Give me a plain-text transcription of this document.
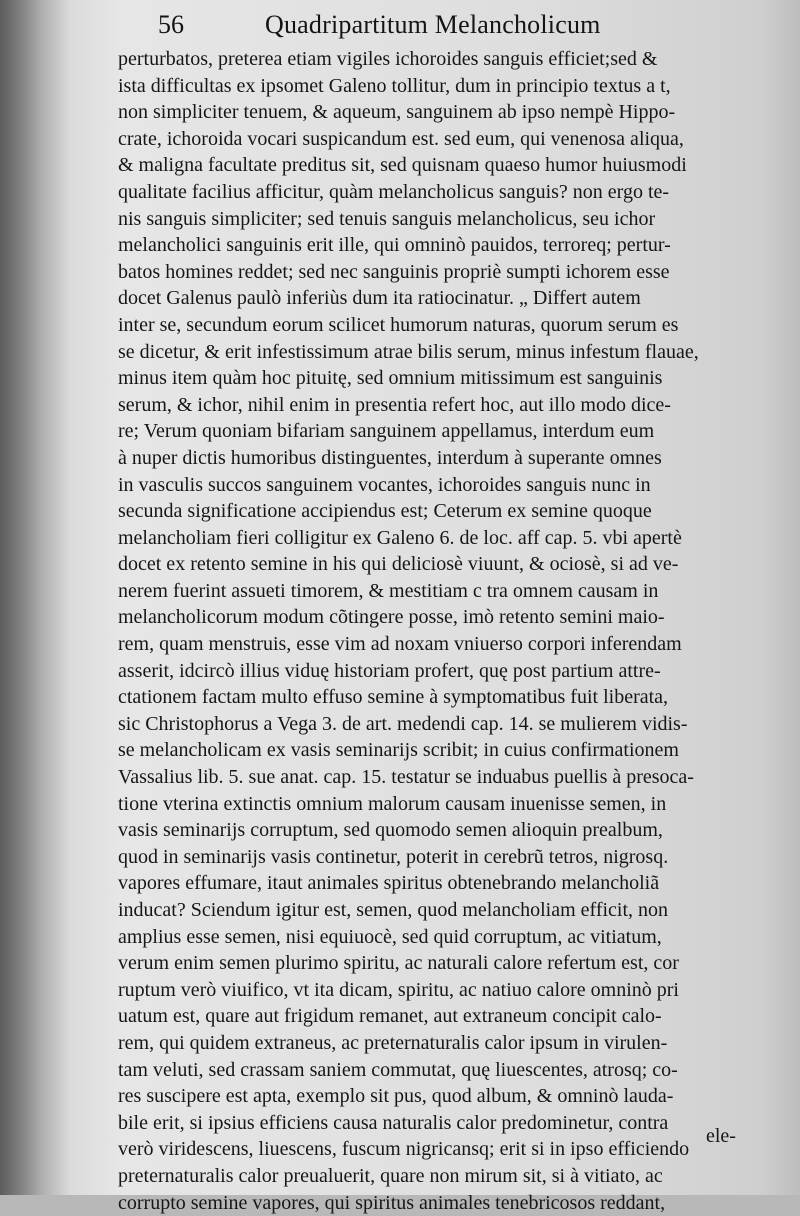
56	Quadripartitum Melancholicum
perturbatos, preterea etiam vigiles ichoroides sanguis efficiet;sed &
ista difficultas ex ipsomet Galeno tollitur, dum in principio textus a t,
non simpliciter tenuem, & aqueum, sanguinem ab ipso nempè Hippo-
crate, ichoroida vocari suspicandum est. sed eum, qui venenosa aliqua,
& maligna facultate preditus sit, sed quisnam quaeso humor huiusmodi
qualitate facilius afficitur, quàm melancholicus sanguis? non ergo te-
nis sanguis simpliciter; sed tenuis sanguis melancholicus, seu ichor
melancholici sanguinis erit ille, qui omninò pauidos, terroreq; pertur-
batos homines reddet; sed nec sanguinis propriè sumpti ichorem esse
docet Galenus paulò inferiùs dum ita ratiocinatur. „ Differt autem
inter se, secundum eorum scilicet humorum naturas, quorum serum es
se dicetur, & erit infestissimum atrae bilis serum, minus infestum flauae,
minus item quàm hoc pituitę, sed omnium mitissimum est sanguinis
serum, & ichor, nihil enim in presentia refert hoc, aut illo modo dice-
re; Verum quoniam bifariam sanguinem appellamus, interdum eum
à nuper dictis humoribus distinguentes, interdum à superante omnes
in vasculis succos sanguinem vocantes, ichoroides sanguis nunc in
secunda significatione accipiendus est; Ceterum ex semine quoque
melancholiam fieri colligitur ex Galeno 6. de loc. aff cap. 5. vbi apertè
docet ex retento semine in his qui deliciosè viuunt, & ociosè, si ad ve-
nerem fuerint assueti timorem, & mestitiam c tra omnem causam in
melancholicorum modum cõtingere posse, imò retento semini maio-
rem, quam menstruis, esse vim ad noxam vniuerso corpori inferendam
asserit, idcircò illius viduę historiam profert, quę post partium attre-
ctationem factam multo effuso semine à symptomatibus fuit liberata,
sic Christophorus a Vega 3. de art. medendi cap. 14. se mulierem vidis-
se melancholicam ex vasis seminarijs scribit; in cuius confirmationem
Vassalius lib. 5. sue anat. cap. 15. testatur se induabus puellis à presoca-
tione vterina extinctis omnium malorum causam inuenisse semen, in
vasis seminarijs corruptum, sed quomodo semen alioquin prealbum,
quod in seminarijs vasis continetur, poterit in cerebrũ tetros, nigrosq.
vapores effumare, itaut animales spiritus obtenebrando melancholiã
inducat? Sciendum igitur est, semen, quod melancholiam efficit, non
amplius esse semen, nisi equiuocè, sed quid corruptum, ac vitiatum,
verum enim semen plurimo spiritu, ac naturali calore refertum est, cor
ruptum verò viuifico, vt ita dicam, spiritu, ac natiuo calore omninò pri
uatum est, quare aut frigidum remanet, aut extraneum concipit calo-
rem, qui quidem extraneus, ac preternaturalis calor ipsum in virulen-
tam veluti, sed crassam saniem commutat, quę liuescentes, atrosq; co-
res suscipere est apta, exemplo sit pus, quod album, & omninò lauda-
bile erit, si ipsius efficiens causa naturalis calor predominetur, contra
verò viridescens, liuescens, fuscum nigricansq; erit si in ipso efficiendo
preternaturalis calor preualuerit, quare non mirum sit, si à vitiato, ac
corrupto semine vapores, qui spiritus animales tenebricosos reddant,
ele-
